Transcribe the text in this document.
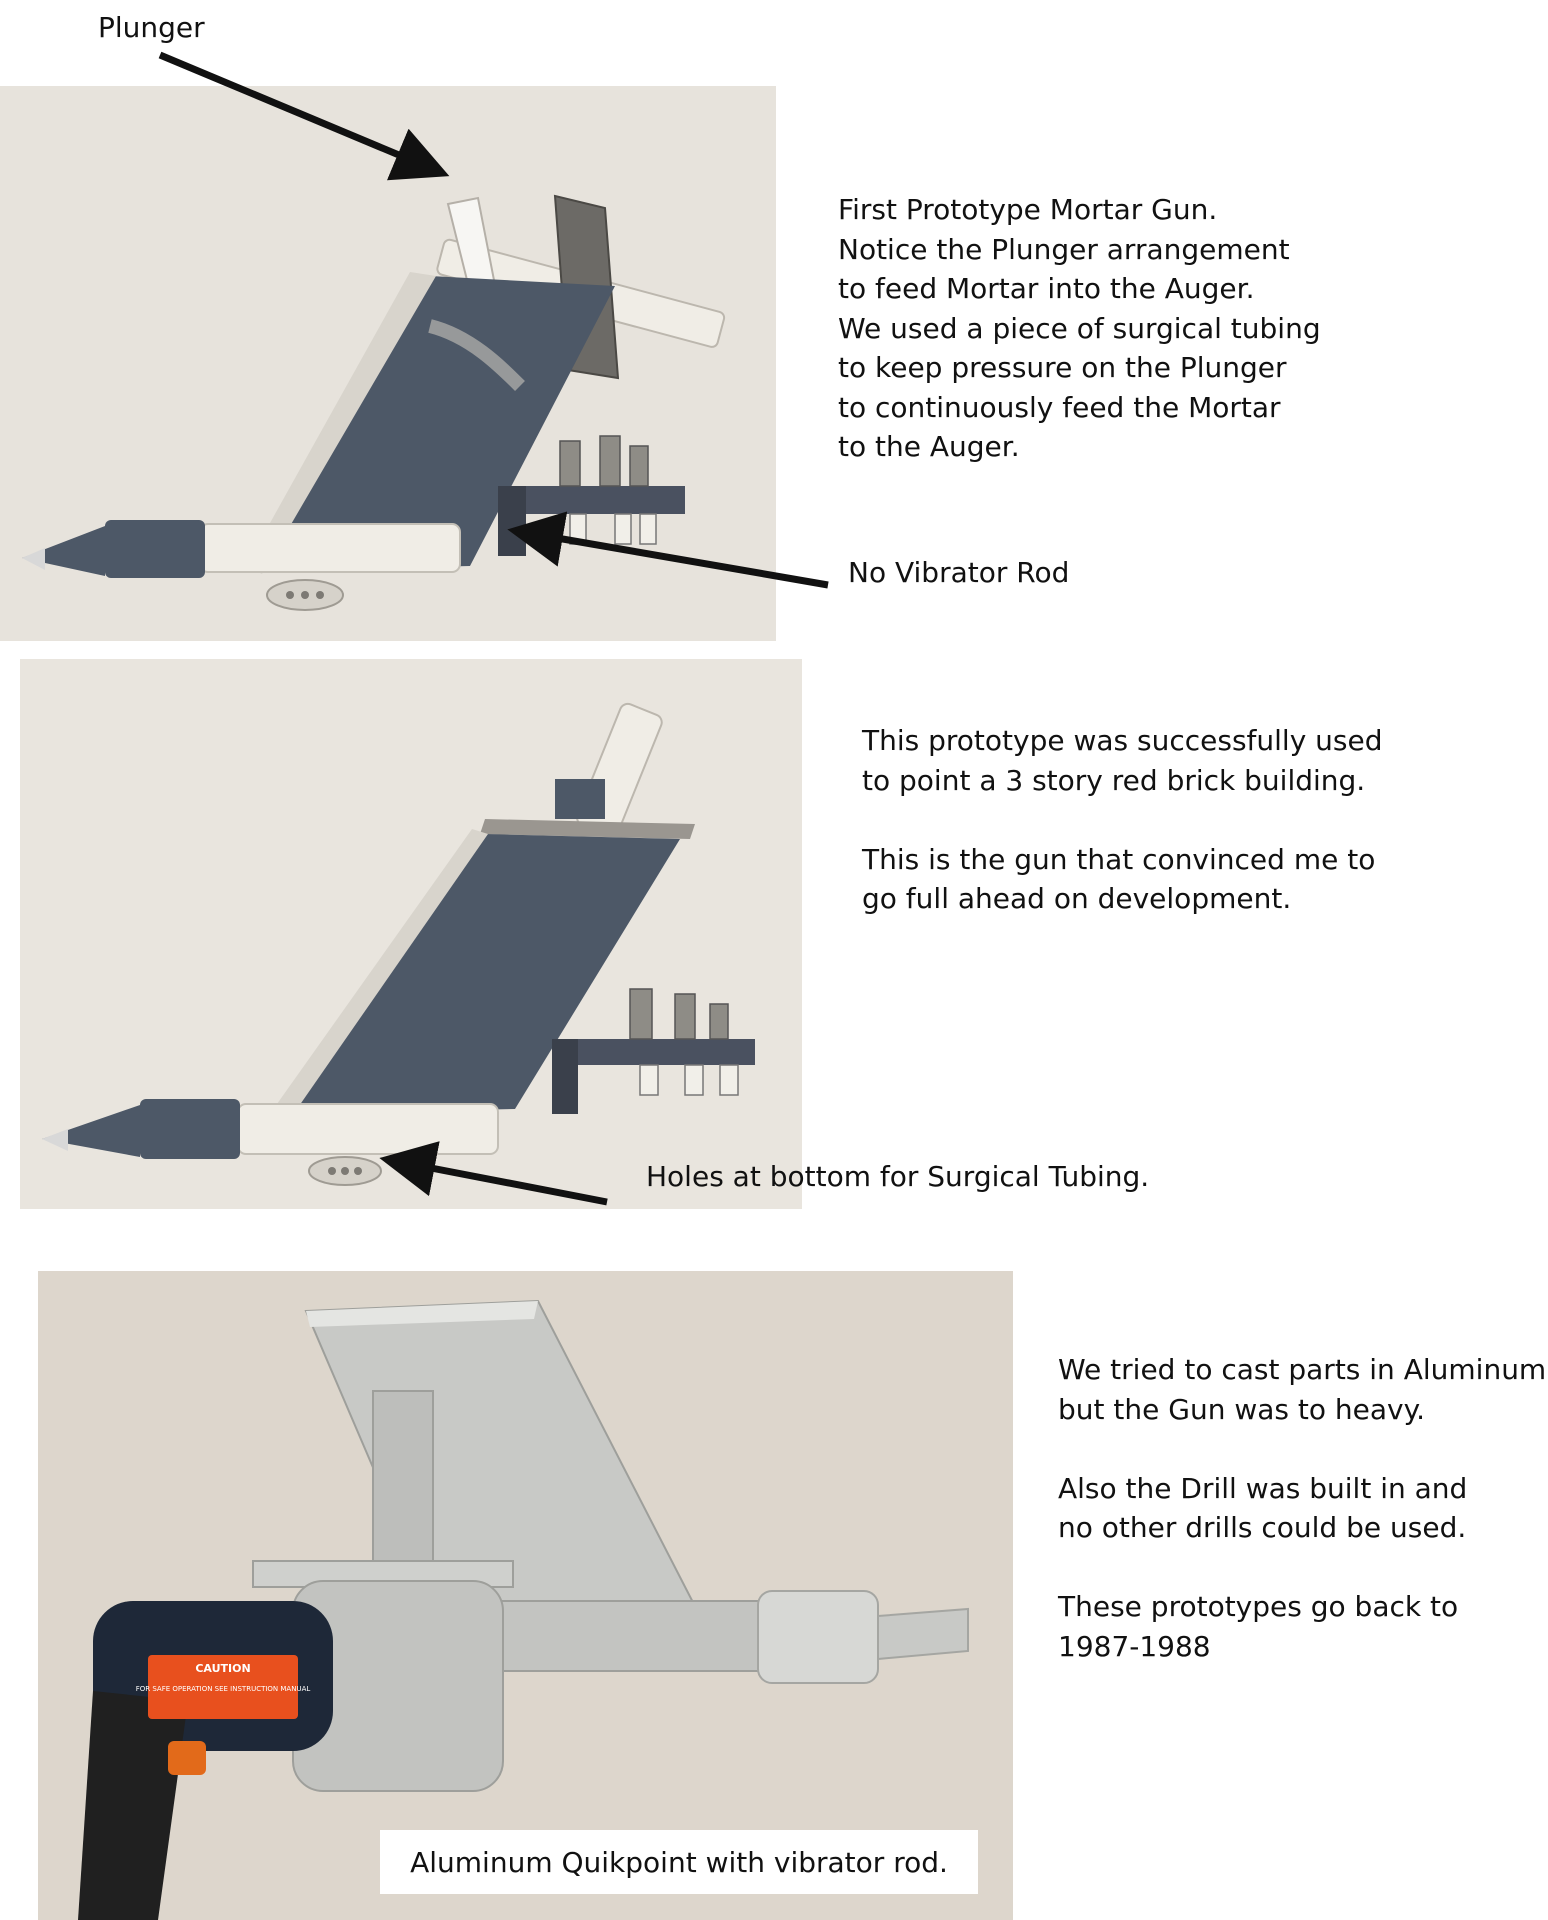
CAUTION
FOR SAFE OPERATION SEE INSTRUCTION MANUAL
Plunger

First Prototype Mortar Gun.

Notice the Plunger arrangement

to feed Mortar into the Auger.

We used a piece of surgical tubing

to keep pressure on the Plunger

to continuously feed the Mortar

to the Auger.

No Vibrator Rod

This prototype was successfully used

to point a 3 story red brick building.

This is the gun that convinced me to

go full ahead on development.

Holes at bottom for Surgical Tubing.

We tried to cast parts in Aluminum

but the Gun was to heavy.

Also the Drill was built in and

no other drills could be used.

These prototypes go back to

1987-1988

Aluminum Quikpoint with vibrator rod.
